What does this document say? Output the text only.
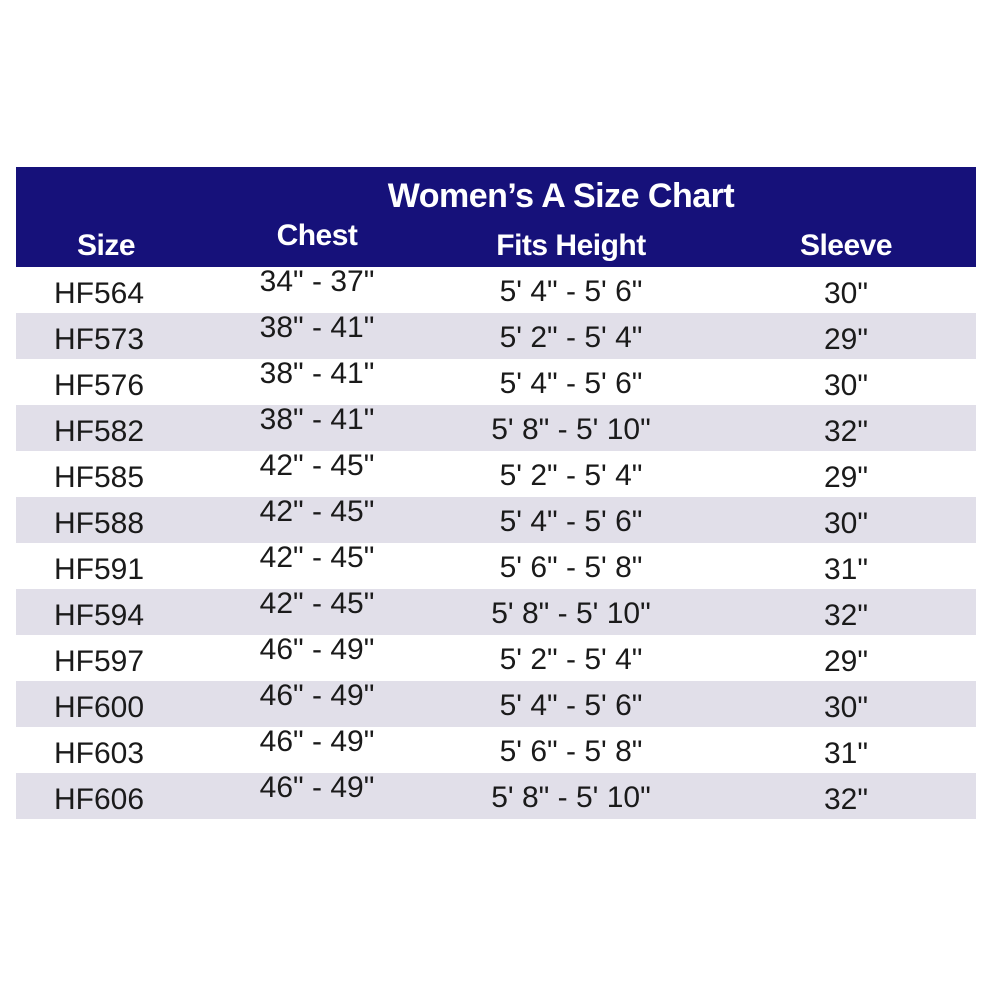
Women’s A Size Chart
Size	Chest	Fits Height	Sleeve
HF564	34" - 37"	5' 4" - 5' 6"	30"
HF573	38" - 41"	5' 2" - 5' 4"	29"
HF576	38" - 41"	5' 4" - 5' 6"	30"
HF582	38" - 41"	5' 8" - 5' 10"	32"
HF585	42" - 45"	5' 2" - 5' 4"	29"
HF588	42" - 45"	5' 4" - 5' 6"	30"
HF591	42" - 45"	5' 6" - 5' 8"	31"
HF594	42" - 45"	5' 8" - 5' 10"	32"
HF597	46" - 49"	5' 2" - 5' 4"	29"
HF600	46" - 49"	5' 4" - 5' 6"	30"
HF603	46" - 49"	5' 6" - 5' 8"	31"
HF606	46" - 49"	5' 8" - 5' 10"	32"
